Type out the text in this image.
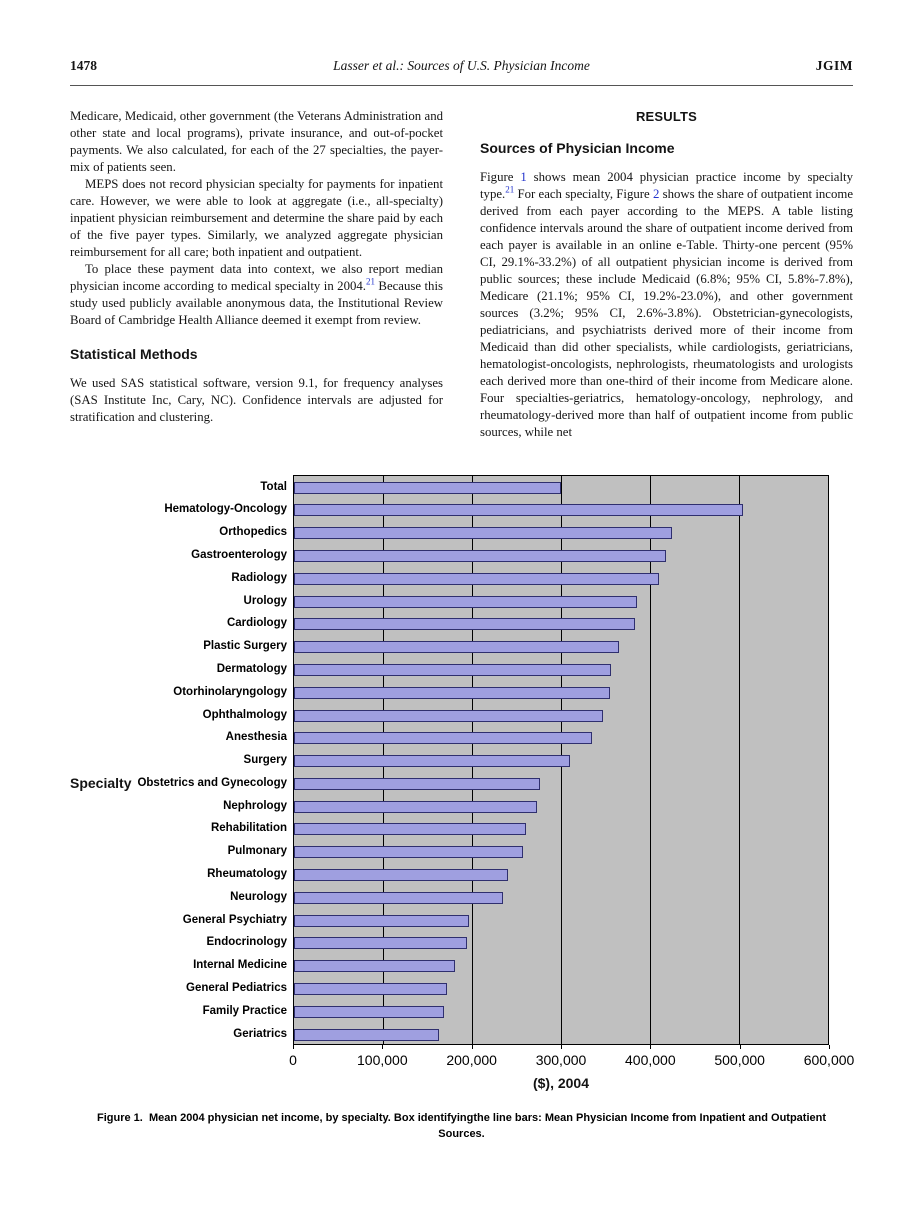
1478	Lasser et al.: Sources of U.S. Physician Income	JGIM

Medicare, Medicaid, other government (the Veterans Administration and other state and local programs), private insurance, and out-of-pocket payments. We also calculated, for each of the 27 specialties, the payer-mix of patients seen.

MEPS does not record physician specialty for payments for inpatient care. However, we were able to look at aggregate (i.e., all-specialty) inpatient physician reimbursement and determine the share paid by each of the five payer types. Similarly, we analyzed aggregate physician reimbursement for all care; both inpatient and outpatient.

To place these payment data into context, we also report median physician income according to medical specialty in 2004.21 Because this study used publicly available anonymous data, the Institutional Review Board of Cambridge Health Alliance deemed it exempt from review.

Statistical Methods

We used SAS statistical software, version 9.1, for frequency analyses (SAS Institute Inc, Cary, NC). Confidence intervals are adjusted for stratification and clustering.

RESULTS
Sources of Physician Income

Figure 1 shows mean 2004 physician practice income by specialty type.$^{21}$ For each specialty, Figure 2 shows the share of outpatient income derived from each payer according to the MEPS. A table listing confidence intervals around the share of outpatient income derived from each payer is available in an online e-Table. Thirty-one percent (95% CI, 29.1%-33.2%) of all outpatient physician income is derived from public sources; these include Medicaid (6.8%; 95% CI, 5.8%-7.8%), Medicare (21.1%; 95% CI, 19.2%-23.0%), and other government sources (3.2%; 95% CI, 2.6%-3.8%). Obstetrician-gynecologists, pediatricians, and psychiatrists derived more of their income from Medicaid than did other specialists, while cardiologists, geriatricians, hematologist-oncologists, nephrologists, rheumatologists and urologists each derived more than one-third of their income from Medicare alone. Four specialties-geriatrics, hematology-oncology, nephrology, and rheumatology-derived more than half of outpatient income from public sources, while net

Specialty
Total
Hematology-Oncology
Orthopedics
Gastroenterology
Radiology
Urology
Cardiology
Plastic Surgery
Dermatology
Otorhinolaryngology
Ophthalmology
Anesthesia
Surgery
Obstetrics and Gynecology
Nephrology
Rehabilitation
Pulmonary
Rheumatology
Neurology
General Psychiatry
Endocrinology
Internal Medicine
General Pediatrics
Family Practice
Geriatrics
0	100,000	200,000	300,000	400,000	500,000	600,000
($), 2004
Figure 1. Mean 2004 physician net income, by specialty. Box identifyingthe line bars: Mean Physician Income from Inpatient and Outpatient Sources.
